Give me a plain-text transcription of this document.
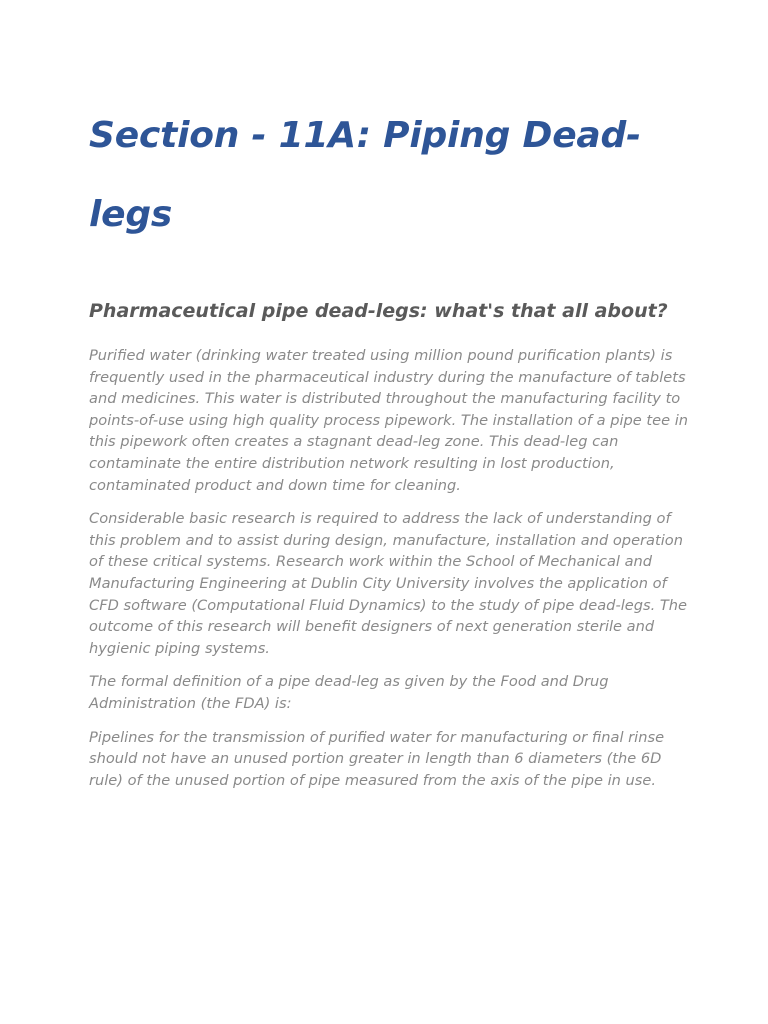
Section - 11A: Piping Dead-legs
Pharmaceutical pipe dead-legs: what's that all about?

Purified water (drinking water treated using million pound purification plants) is frequently used in the pharmaceutical industry during the manufacture of tablets and medicines. This water is distributed throughout the manufacturing facility to points-of-use using high quality process pipework. The installation of a pipe tee in this pipework often creates a stagnant dead-leg zone. This dead-leg can contaminate the entire distribution network resulting in lost production, contaminated product and down time for cleaning.

Considerable basic research is required to address the lack of understanding of this problem and to assist during design, manufacture, installation and operation of these critical systems. Research work within the School of Mechanical and Manufacturing Engineering at Dublin City University involves the application of CFD software (Computational Fluid Dynamics) to the study of pipe dead-legs. The outcome of this research will benefit designers of next generation sterile and hygienic piping systems.

The formal definition of a pipe dead-leg as given by the Food and Drug Administration (the FDA) is:

Pipelines for the transmission of purified water for manufacturing or final rinse should not have an unused portion greater in length than 6 diameters (the 6D rule) of the unused portion of pipe measured from the axis of the pipe in use.
